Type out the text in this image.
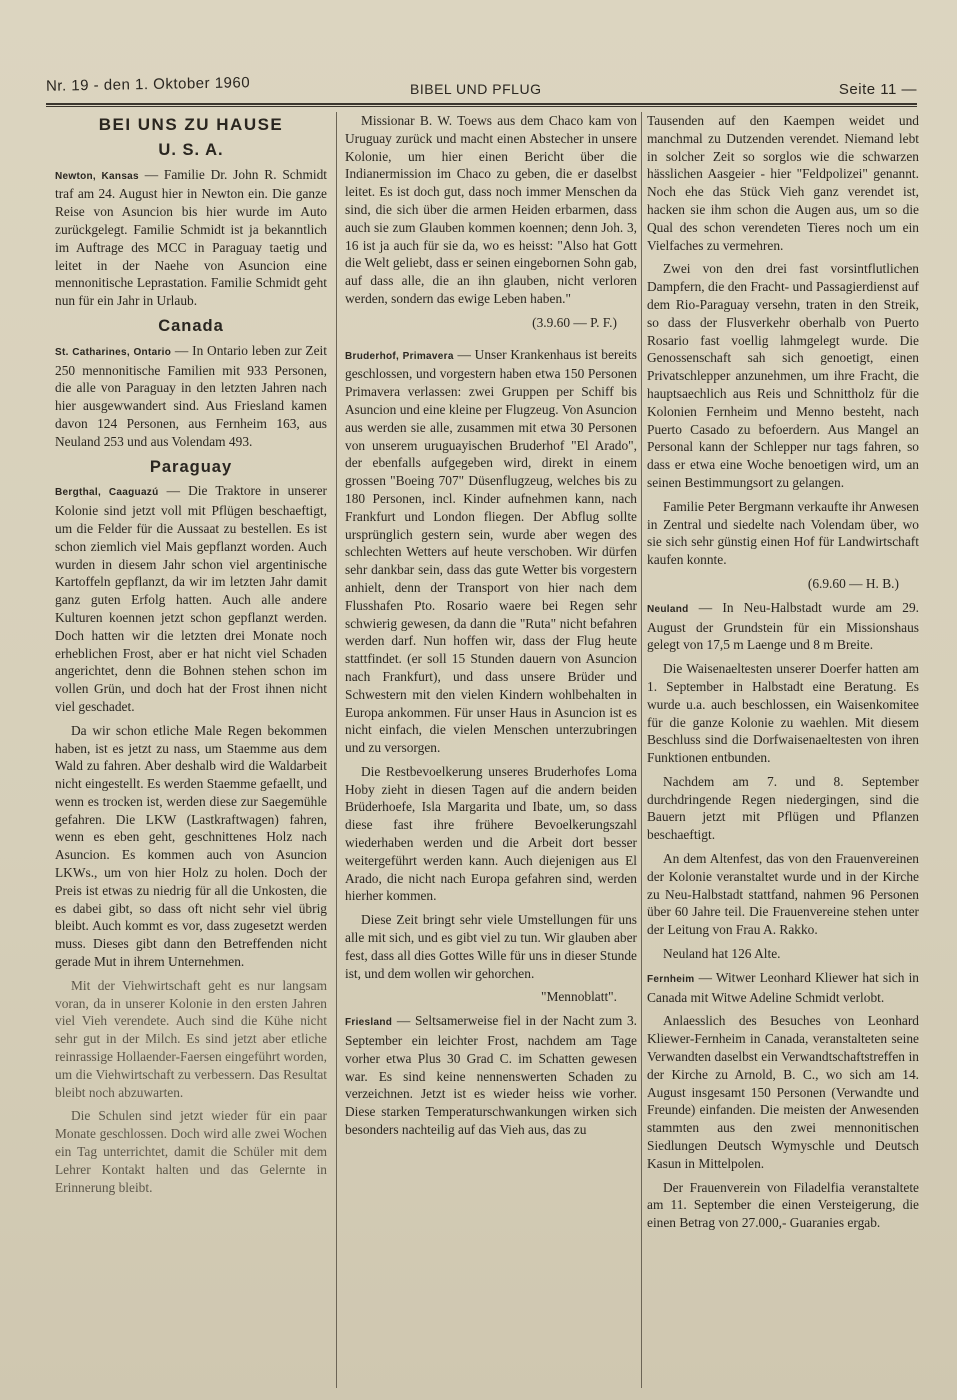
Nr. 19 - den 1. Oktober 1960	BIBEL UND PFLUG	Seite 11 —
BEI UNS ZU HAUSE
U. S. A.

Newton, Kansas — Familie Dr. John R. Schmidt traf am 24. August hier in Newton ein. Die ganze Reise von Asuncion bis hier wurde im Auto zurückgelegt. Familie Schmidt ist ja bekanntlich im Auftrage des MCC in Paraguay taetig und leitet in der Naehe von Asuncion eine mennonitische Leprastation. Familie Schmidt geht nun für ein Jahr in Urlaub.

Canada

St. Catharines, Ontario — In Ontario leben zur Zeit 250 mennonitische Familien mit 933 Personen, die alle von Paraguay in den letzten Jahren nach hier ausgewwandert sind. Aus Friesland kamen davon 124 Personen, aus Fernheim 163, aus Neuland 253 und aus Volendam 493.

Paraguay

Bergthal, Caaguazú — Die Traktore in unserer Kolonie sind jetzt voll mit Pflügen beschaeftigt, um die Felder für die Aussaat zu bestellen. Es ist schon ziemlich viel Mais gepflanzt worden. Auch wurden in diesem Jahr schon viel argentinische Kartoffeln gepflanzt, da wir im letzten Jahr damit ganz guten Erfolg hatten. Auch alle andere Kulturen koennen jetzt schon gepflanzt werden. Doch hatten wir die letzten drei Monate noch erheblichen Frost, aber er hat nicht viel Schaden angerichtet, denn die Bohnen stehen schon im vollen Grün, und doch hat der Frost ihnen nicht viel geschadet.

Da wir schon etliche Male Regen bekommen haben, ist es jetzt zu nass, um Staemme aus dem Wald zu fahren. Aber deshalb wird die Waldarbeit nicht eingestellt. Es werden Staemme gefaellt, und wenn es trocken ist, werden diese zur Saegemühle gefahren. Die LKW (Lastkraftwagen) fahren, wenn es eben geht, geschnittenes Holz nach Asuncion. Es kommen auch von Asuncion LKWs., um von hier Holz zu holen. Doch der Preis ist etwas zu niedrig für all die Unkosten, die es dabei gibt, so dass oft nicht sehr viel übrig bleibt. Auch kommt es vor, dass zugesetzt werden muss. Dieses gibt dann den Betreffenden nicht gerade Mut in ihrem Unternehmen.

Mit der Viehwirtschaft geht es nur langsam voran, da in unserer Kolonie in den ersten Jahren viel Vieh verendete. Auch sind die Kühe nicht sehr gut in der Milch. Es sind jetzt aber etliche reinrassige Hollaender-Faersen eingeführt worden, um die Viehwirtschaft zu verbessern. Das Resultat bleibt noch abzuwarten.

Die Schulen sind jetzt wieder für ein paar Monate geschlossen. Doch wird alle zwei Wochen ein Tag unterrichtet, damit die Schüler mit dem Lehrer Kontakt halten und das Gelernte in Erinnerung bleibt.

Missionar B. W. Toews aus dem Chaco kam von Uruguay zurück und macht einen Abstecher in unsere Kolonie, um hier einen Bericht über die Indianermission im Chaco zu geben, die er daselbst leitet. Es ist doch gut, dass noch immer Menschen da sind, die sich über die armen Heiden erbarmen, dass auch sie zum Glauben kommen koennen; denn Joh. 3, 16 ist ja auch für sie da, wo es heisst: "Also hat Gott die Welt geliebt, dass er seinen eingebornen Sohn gab, auf dass alle, die an ihn glauben, nicht verloren werden, sondern das ewige Leben haben."

(3.9.60 — P. F.)

Bruderhof, Primavera — Unser Krankenhaus ist bereits geschlossen, und vorgestern haben etwa 150 Personen Primavera verlassen: zwei Gruppen per Schiff bis Asuncion und eine kleine per Flugzeug. Von Asuncion aus werden sie alle, zusammen mit etwa 30 Personen von unserem uruguayischen Bruderhof "El Arado", der ebenfalls aufgegeben wird, direkt in einem grossen "Boeing 707" Düsenflugzeug, welches bis zu 180 Personen, incl. Kinder aufnehmen kann, nach Frankfurt und London fliegen. Der Abflug sollte ursprünglich gestern sein, wurde aber wegen des schlechten Wetters auf heute verschoben. Wir dürfen sehr dankbar sein, dass das gute Wetter bis vorgestern anhielt, denn der Transport von hier nach dem Flusshafen Pto. Rosario waere bei Regen sehr schwierig gewesen, da dann die "Ruta" nicht befahren werden darf. Nun hoffen wir, dass der Flug heute stattfindet. (er soll 15 Stunden dauern von Asuncion nach Frankfurt), und dass unsere Brüder und Schwestern mit den vielen Kindern wohlbehalten in Europa ankommen. Für unser Haus in Asuncion ist es nicht einfach, die vielen Menschen unterzubringen und zu versorgen.

Die Restbevoelkerung unseres Bruderhofes Loma Hoby zieht in diesen Tagen auf die andern beiden Brüderhoefe, Isla Margarita und Ibate, um, so dass diese fast ihre frühere Bevoelkerungszahl wiederhaben werden und die Arbeit dort besser weitergeführt werden kann. Auch diejenigen aus El Arado, die nicht nach Europa gefahren sind, werden hierher kommen.

Diese Zeit bringt sehr viele Umstellungen für uns alle mit sich, und es gibt viel zu tun. Wir glauben aber fest, dass all dies Gottes Wille für uns in dieser Stunde ist, und dem wollen wir gehorchen.

"Mennoblatt".

Friesland — Seltsamerweise fiel in der Nacht zum 3. September ein leichter Frost, nachdem am Tage vorher etwa Plus 30 Grad C. im Schatten gewesen war. Es sind keine nennenswerten Schaden zu verzeichnen. Jetzt ist es wieder heiss wie vorher. Diese starken Temperaturschwankungen wirken sich besonders nachteilig auf das Vieh aus, das zu

Tausenden auf den Kaempen weidet und manchmal zu Dutzenden verendet. Niemand lebt in solcher Zeit so sorglos wie die schwarzen hässlichen Aasgeier - hier "Feldpolizei" genannt. Noch ehe das Stück Vieh ganz verendet ist, hacken sie ihm schon die Augen aus, um so die Qual des schon verendeten Tieres noch um ein Vielfaches zu vermehren.

Zwei von den drei fast vorsintflutlichen Dampfern, die den Fracht- und Passagierdienst auf dem Rio-Paraguay versehn, traten in den Streik, so dass der Flusverkehr oberhalb von Puerto Rosario fast voellig lahmgelegt wurde. Die Genossenschaft sah sich genoetigt, einen Privatschlepper anzunehmen, um ihre Fracht, die hauptsaechlich aus Reis und Schnittholz für die Kolonien Fernheim und Menno besteht, nach Puerto Casado zu befoerdern. Aus Mangel an Personal kann der Schlepper nur tags fahren, so dass er etwa eine Woche benoetigen wird, um an seinen Bestimmungsort zu gelangen.

Familie Peter Bergmann verkaufte ihr Anwesen in Zentral und siedelte nach Volendam über, wo sie sich sehr günstig einen Hof für Landwirtschaft kaufen konnte.

(6.9.60 — H. B.)

Neuland — In Neu-Halbstadt wurde am 29. August der Grundstein für ein Missionshaus gelegt von 17,5 m Laenge und 8 m Breite.

Die Waisenaeltesten unserer Doerfer hatten am 1. September in Halbstadt eine Beratung. Es wurde u.a. auch beschlossen, ein Waisenkomitee für die ganze Kolonie zu waehlen. Mit diesem Beschluss sind die Dorfwaisenaeltesten von ihren Funktionen entbunden.

Nachdem am 7. und 8. September durchdringende Regen niedergingen, sind die Bauern jetzt mit Pflügen und Pflanzen beschaeftigt.

An dem Altenfest, das von den Frauenvereinen der Kolonie veranstaltet wurde und in der Kirche zu Neu-Halbstadt stattfand, nahmen 96 Personen über 60 Jahre teil. Die Frauenvereine stehen unter der Leitung von Frau A. Rakko.

Neuland hat 126 Alte.

Fernheim — Witwer Leonhard Kliewer hat sich in Canada mit Witwe Adeline Schmidt verlobt.

Anlaesslich des Besuches von Leonhard Kliewer-Fernheim in Canada, veranstalteten seine Verwandten daselbst ein Verwandtschaftstreffen in der Kirche zu Arnold, B. C., wo sich am 14. August insgesamt 150 Personen (Verwandte und Freunde) einfanden. Die meisten der Anwesenden stammten aus den zwei mennonitischen Siedlungen Deutsch Wymyschle und Deutsch Kasun in Mittelpolen.

Der Frauenverein von Filadelfia veranstaltete am 11. September die einen Versteigerung, die einen Betrag von 27.000,- Guaranies ergab.
